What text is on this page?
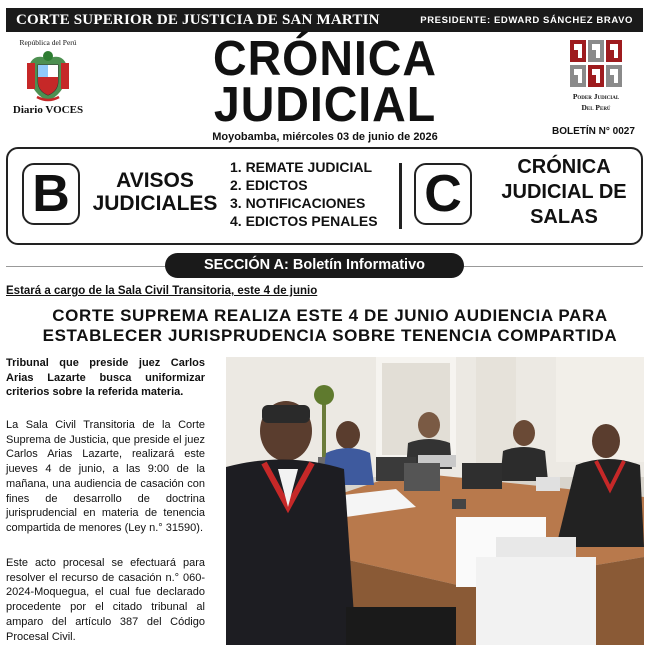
CORTE SUPERIOR DE JUSTICIA DE SAN MARTIN	PRESIDENTE: EDWARD SÁNCHEZ BRAVO
República del Perú
Diario VOCES
CRÓNICA
JUDICIAL
Moyobamba, miércoles 03 de junio de 2026
Poder Judicial
Del Perú
BOLETÍN N° 0027
B	AVISOS JUDICIALES
1. REMATE JUDICIAL
2. EDICTOS
3. NOTIFICACIONES
4. EDICTOS PENALES C	CRÓNICA JUDICIAL DE SALAS
SECCIÓN A: Boletín Informativo
Estará a cargo de la Sala Civil Transitoria, este 4 de junio
CORTE SUPREMA REALIZA ESTE 4 DE JUNIO AUDIENCIA PARA ESTABLECER JURISPRUDENCIA SOBRE TENENCIA COMPARTIDA
Tribunal que preside juez Carlos Arias Lazarte busca uniformizar criterios sobre la referida materia.
La Sala Civil Transitoria de la Corte Suprema de Justicia, que preside el juez Carlos Arias Lazarte, realizará este jueves 4 de junio, a las 9:00 de la mañana, una audiencia de casación con fines de desarrollo de doctrina jurisprudencial en materia de tenencia compartida de menores (Ley n.° 31590).
Este acto procesal se efectuará para resolver el recurso de casación n.° 060-2024-Moquegua, el cual fue declarado procedente por el citado tribunal al amparo del artículo 387 del Código Procesal Civil.
